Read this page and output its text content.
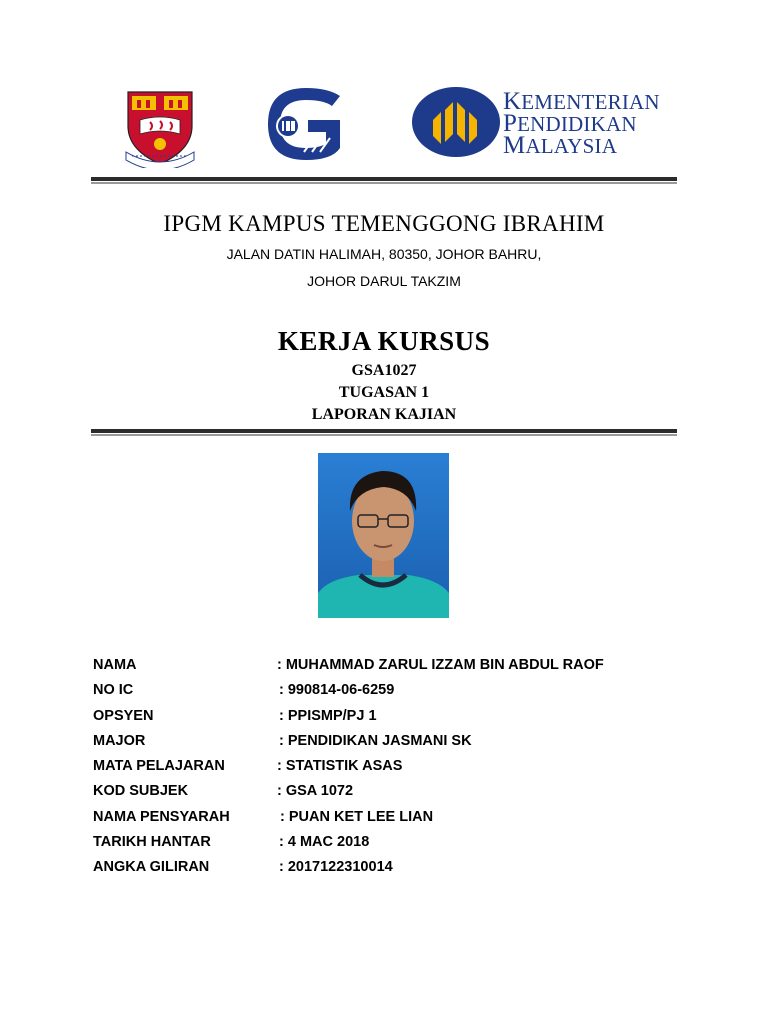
KEMENTERIAN
PENDIDIKAN
MALAYSIA
IPGM KAMPUS TEMENGGONG IBRAHIM
JALAN DATIN HALIMAH, 80350, JOHOR BAHRU,
JOHOR DARUL TAKZIM
KERJA KURSUS
GSA1027
TUGASAN 1
LAPORAN KAJIAN
NAMA	: MUHAMMAD ZARUL IZZAM BIN ABDUL RAOF
NO IC	: 990814-06-6259
OPSYEN	: PPISMP/PJ 1
MAJOR	: PENDIDIKAN JASMANI SK
MATA PELAJARAN	: STATISTIK ASAS
KOD SUBJEK	: GSA 1072
NAMA PENSYARAH	: PUAN KET LEE LIAN
TARIKH HANTAR	: 4 MAC 2018
ANGKA GILIRAN	: 2017122310014
